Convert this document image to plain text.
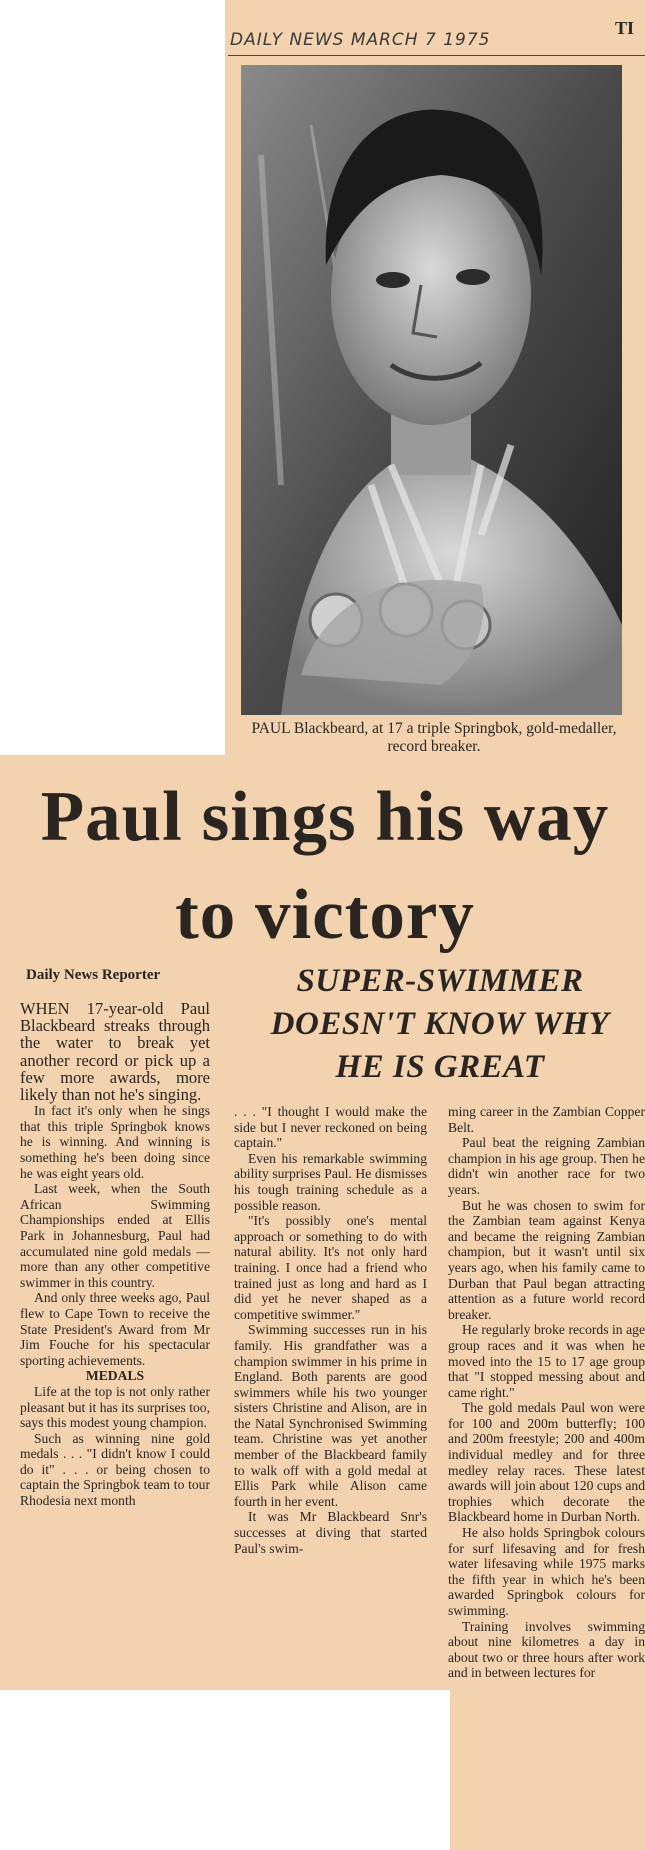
DAILY NEWS MARCH 7 1975
TI
PAUL Blackbeard, at 17 a triple Springbok, gold-medaller, record breaker.
Paul sings his way to victory
Daily News Reporter	SUPER-SWIMMER DOESN'T KNOW WHY HE IS GREAT

WHEN 17-year-old Paul Blackbeard streaks through the water to break yet another record or pick up a few more awards, more likely than not he's singing.

In fact it's only when he sings that this triple Springbok knows he is winning. And winning is something he's been doing since he was eight years old.

Last week, when the South African Swimming Championships ended at Ellis Park in Johannesburg, Paul had accumulated nine gold medals — more than any other competitive swimmer in this country.

And only three weeks ago, Paul flew to Cape Town to receive the State President's Award from Mr Jim Fouche for his spectacular sporting achievements.

MEDALS

Life at the top is not only rather pleasant but it has its surprises too, says this modest young champion.

Such as winning nine gold medals . . . "I didn't know I could do it" . . . or being chosen to captain the Springbok team to tour Rhodesia next month

. . . "I thought I would make the side but I never reckoned on being captain."

Even his remarkable swimming ability surprises Paul. He dismisses his tough training schedule as a possible reason.

"It's possibly one's mental approach or something to do with natural ability. It's not only hard training. I once had a friend who trained just as long and hard as I did yet he never shaped as a competitive swimmer."

Swimming successes run in his family. His grandfather was a champion swimmer in his prime in England. Both parents are good swimmers while his two younger sisters Christine and Alison, are in the Natal Synchronised Swimming team. Christine was yet another member of the Blackbeard family to walk off with a gold medal at Ellis Park while Alison came fourth in her event.

It was Mr Blackbeard Snr's successes at diving that started Paul's swim-

ming career in the Zambian Copper Belt.

Paul beat the reigning Zambian champion in his age group. Then he didn't win another race for two years.

But he was chosen to swim for the Zambian team against Kenya and became the reigning Zambian champion, but it wasn't until six years ago, when his family came to Durban that Paul began attracting attention as a future world record breaker.

He regularly broke records in age group races and it was when he moved into the 15 to 17 age group that "I stopped messing about and came right."

The gold medals Paul won were for 100 and 200m butterfly; 100 and 200m freestyle; 200 and 400m individual medley and for three medley relay races. These latest awards will join about 120 cups and trophies which decorate the Blackbeard home in Durban North.

He also holds Springbok colours for surf lifesaving and for fresh water lifesaving while 1975 marks the fifth year in which he's been awarded Springbok colours for swimming.

Training involves swimming about nine kilometres a day in about two or three hours after work and in between lectures for
